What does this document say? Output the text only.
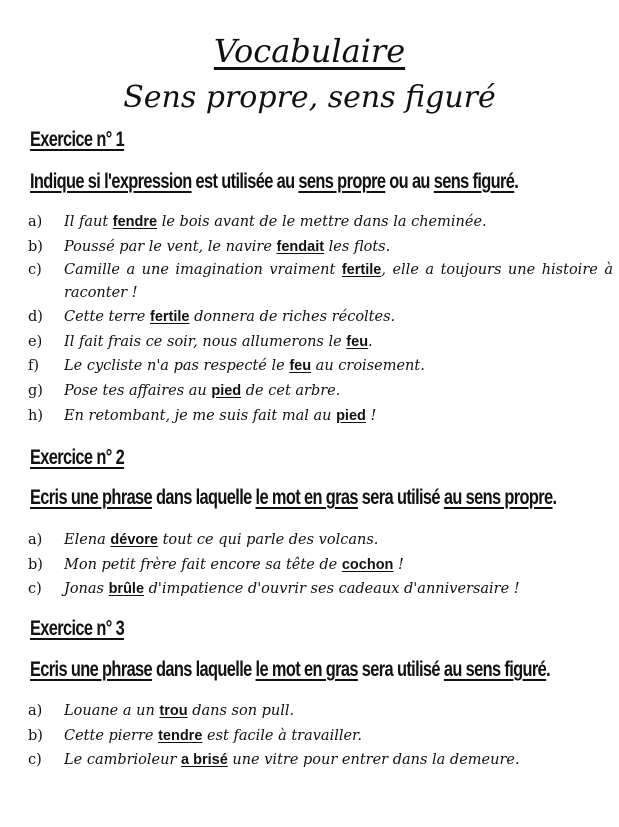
Vocabulaire
Sens propre, sens figuré
Exercice n° 1
Indique si l'expression est utilisée au sens propre ou au sens figuré.
a) Il faut fendre le bois avant de le mettre dans la cheminée.
b) Poussé par le vent, le navire fendait les flots.
c) Camille a une imagination vraiment fertile, elle a toujours une histoire à raconter !
d) Cette terre fertile donnera de riches récoltes.
e) Il fait frais ce soir, nous allumerons le feu.
f) Le cycliste n'a pas respecté le feu au croisement.
g) Pose tes affaires au pied de cet arbre.
h) En retombant, je me suis fait mal au pied !
Exercice n° 2
Ecris une phrase dans laquelle le mot en gras sera utilisé au sens propre.
a) Elena dévore tout ce qui parle des volcans.
b) Mon petit frère fait encore sa tête de cochon !
c) Jonas brûle d'impatience d'ouvrir ses cadeaux d'anniversaire !
Exercice n° 3
Ecris une phrase dans laquelle le mot en gras sera utilisé au sens figuré.
a) Louane a un trou dans son pull.
b) Cette pierre tendre est facile à travailler.
c) Le cambrioleur a brisé une vitre pour entrer dans la demeure.
